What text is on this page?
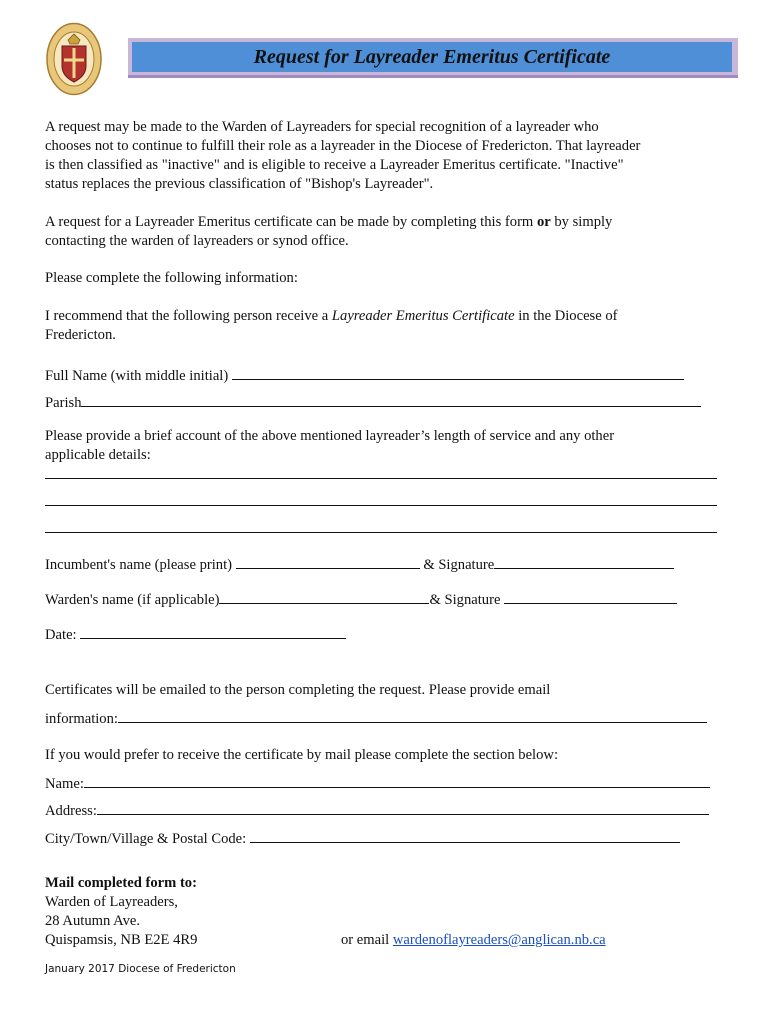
Request for Layreader Emeritus Certificate
A request may be made to the Warden of Layreaders for special recognition of a layreader who
chooses not to continue to fulfill their role as a layreader in the Diocese of Fredericton. That layreader
is then classified as "inactive" and is eligible to receive a Layreader Emeritus certificate. "Inactive"
status replaces the previous classification of "Bishop's Layreader".
A request for a Layreader Emeritus certificate can be made by completing this form or by simply
contacting the warden of layreaders or synod office.
Please complete the following information:
I recommend that the following person receive a Layreader Emeritus Certificate in the Diocese of
Fredericton.
Full Name (with middle initial)
Parish
Please provide a brief account of the above mentioned layreader’s length of service and any other
applicable details:
Incumbent's name (please print)	& Signature
Warden's name (if applicable)	& Signature
Date:
Certificates will be emailed to the person completing the request. Please provide email
information:
If you would prefer to receive the certificate by mail please complete the section below:
Name:
Address:
City/Town/Village & Postal Code:
Mail completed form to:
Warden of Layreaders,
28 Autumn Ave.
Quispamsis, NB E2E 4R9	or email wardenoflayreaders@anglican.nb.ca
January 2017 Diocese of Fredericton
